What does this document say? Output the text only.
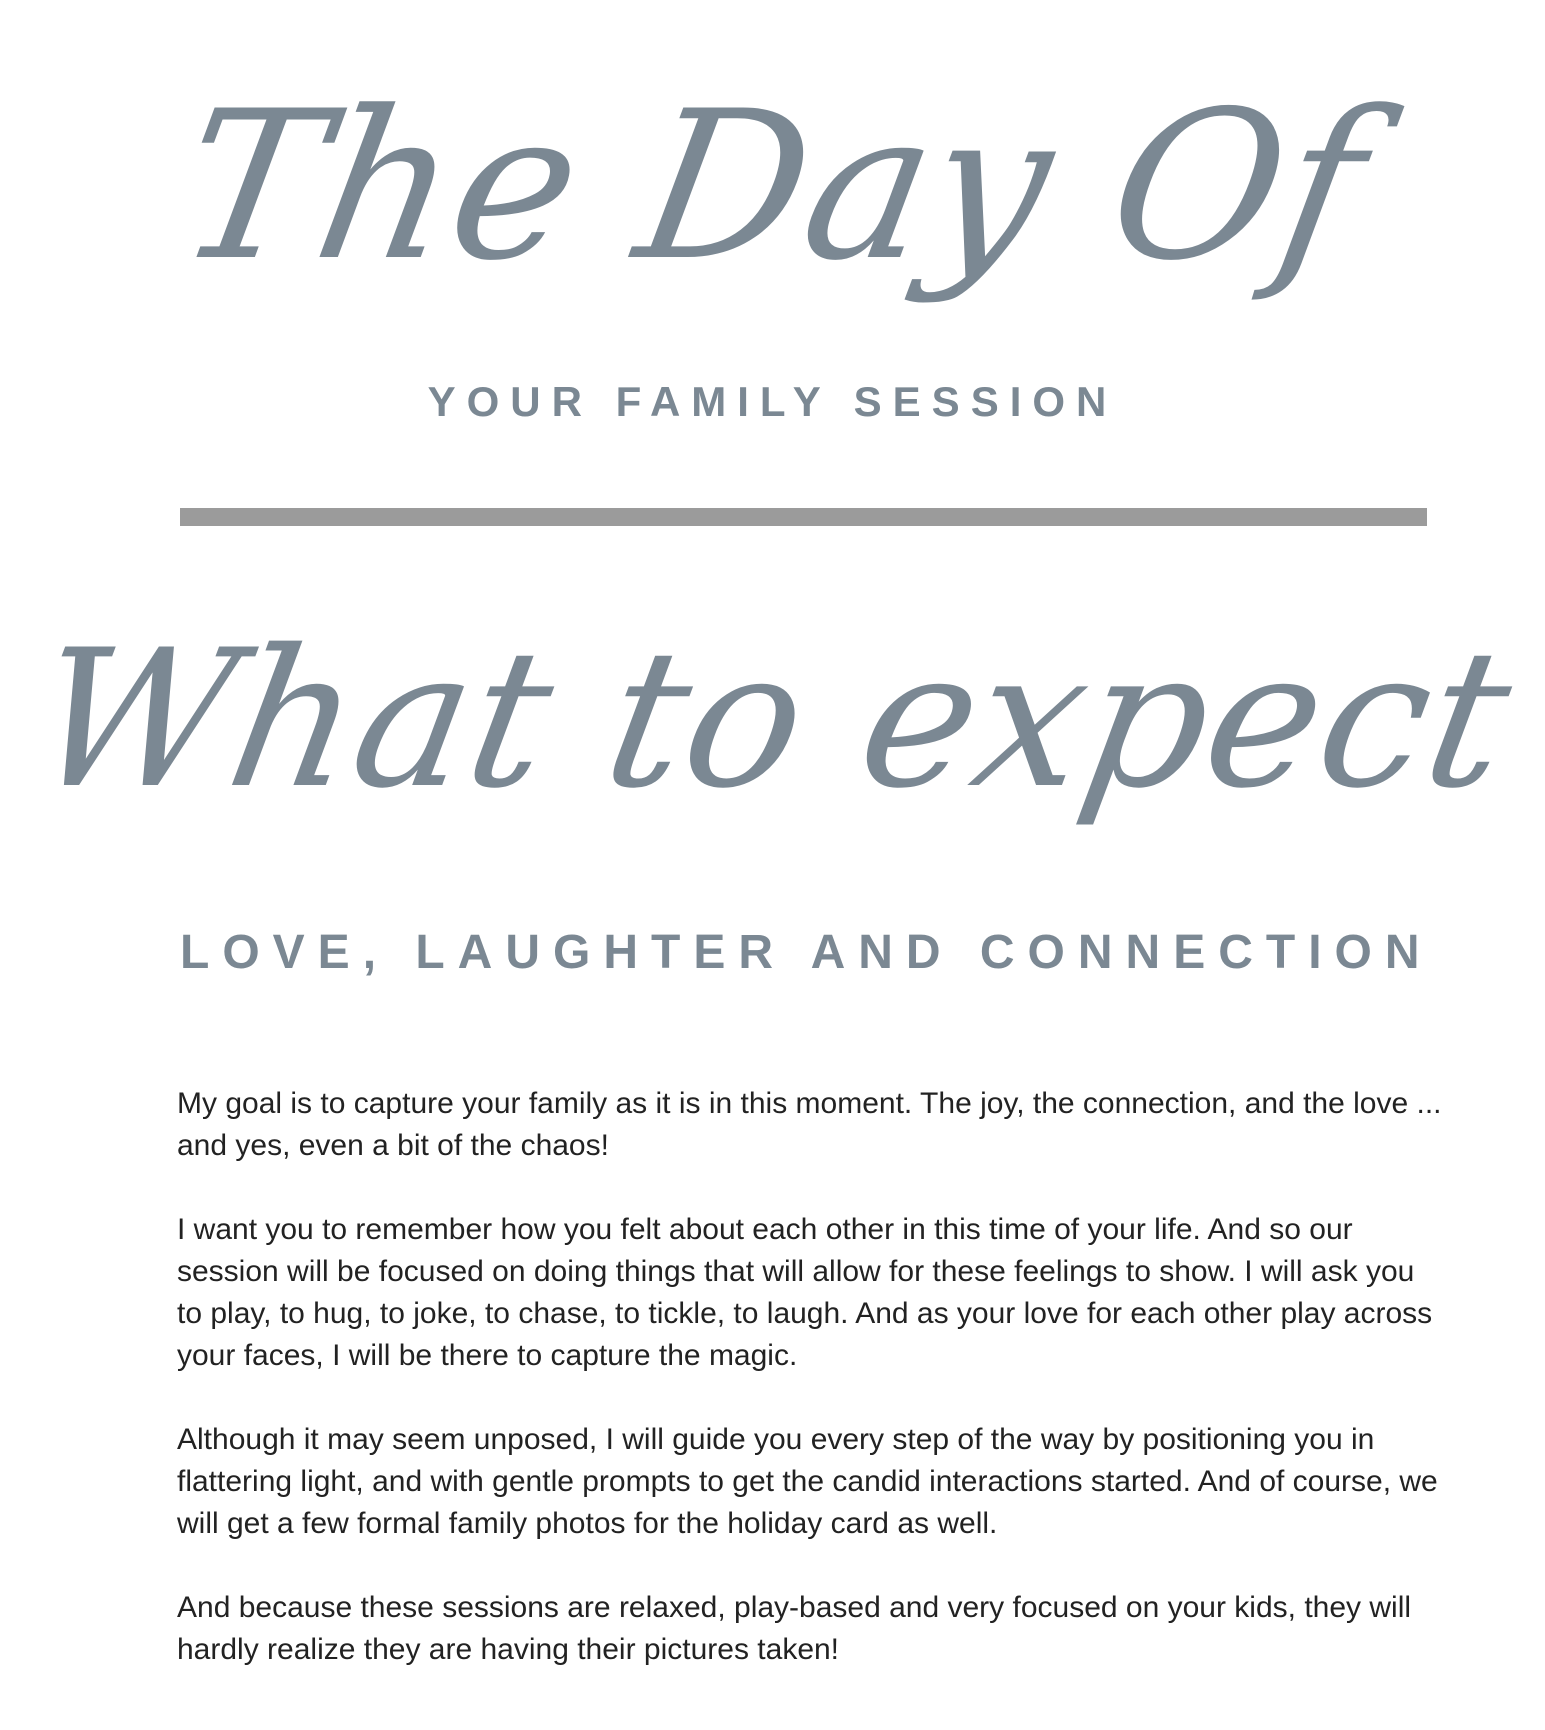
The Day Of
YOUR FAMILY SESSION
What to expect
LOVE, LAUGHTER AND CONNECTION

My goal is to capture your family as it is in this moment. The joy, the connection, and the love ... and yes, even a bit of the chaos!

I want you to remember how you felt about each other in this time of your life. And so our session will be focused on doing things that will allow for these feelings to show. I will ask you to play, to hug, to joke, to chase, to tickle, to laugh. And as your love for each other play across your faces, I will be there to capture the magic.

Although it may seem unposed, I will guide you every step of the way by positioning you in flattering light, and with gentle prompts to get the candid interactions started. And of course, we will get a few formal family photos for the holiday card as well.

And because these sessions are relaxed, play-based and very focused on your kids, they will hardly realize they are having their pictures taken!
